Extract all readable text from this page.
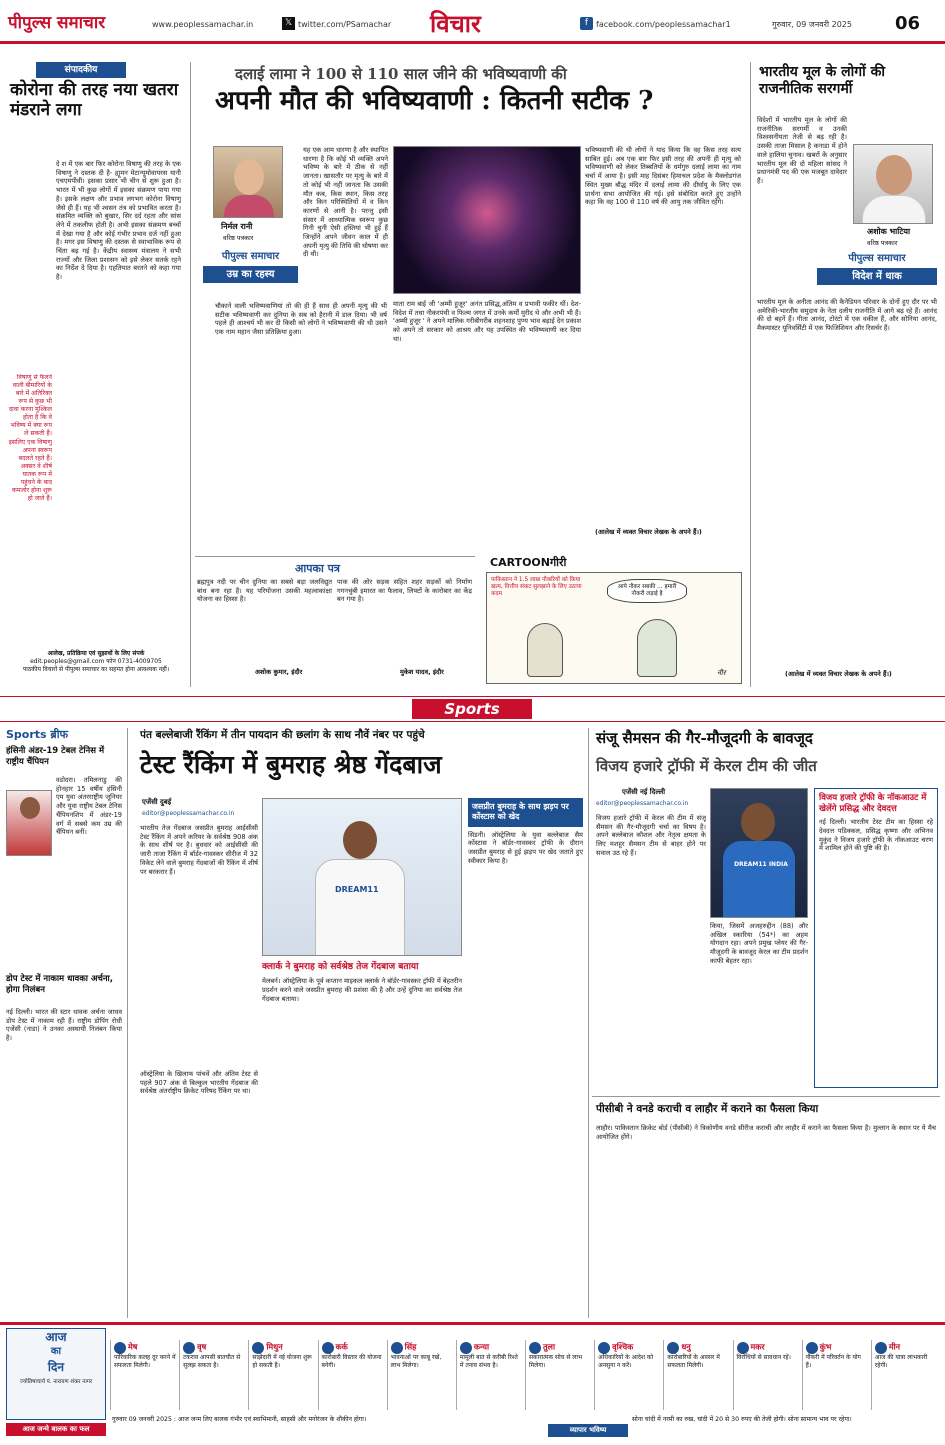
पीपुल्स समाचार	www.peoplessamachar.in	𝕏 twitter.com/PSamachar विचार	f facebook.com/peoplessamachar1	गुरुवार, 09 जनवरी 2025 06
संपादकीय
कोरोना की तरह नया खतरा मंडराने लगा
दे श में एक बार फिर कोरोना विषाणु की तरह के एक विषाणु ने दस्तक दी है- ह्यूमन मेटान्यूमोवायरस यानी एचएमपीवी। इसका प्रसार भी चीन से शुरू हुआ है। भारत में भी कुछ लोगों में इसका संक्रमण पाया गया है। इसके लक्षण और प्रभाव लगभग कोरोना विषाणु जैसे ही हैं। यह भी श्वसन तंत्र को प्रभावित करता है। संक्रमित व्यक्ति को बुखार, सिर दर्द रहता और सांस लेने में तकलीफ होती है। अभी इसका संक्रमण बच्चों में देखा गया है और कोई गंभीर प्रभाव दर्ज नहीं हुआ है। मगर इस विषाणु की दस्तक से स्वाभाविक रूप से चिंता बढ़ गई है। केंद्रीय स्वास्थ्य मंत्रालय ने सभी राज्यों और जिला प्रशासन को इसे लेकर सतर्क रहने का निर्देश दे दिया है। एहतियात बरतने को कहा गया है।
विषाणु से फैलने वाली बीमारियों के बारे में अतिरिक्त रूप से कुछ भी दावा करना मुश्किल होता है कि वे भविष्य में क्या रूप ले सकती हैं। इसलिए एक विषाणु अपना स्वरूप बदलते रहते हैं। अक्सर वे शीर्ष घातक रूप में पहुंचने के बाद कमजोर होना शुरू हो जाते हैं।
आलेख, प्रतिक्रिया एवं सुझावों के लिए संपर्क
edit.peoples@gmail.com फोन 0731-4009705
पाठकीय विचारों से पीपुल्स समाचार का सहमत होना आवश्यक नहीं।
दलाई लामा ने 100 से 110 साल जीने की भविष्यवाणी की
अपनी मौत की भविष्यवाणी : कितनी सटीक ?
निर्मल रानी
वरिष्ठ पत्रकार
पीपुल्स समाचार
उम्र का रहस्य
यह एक आम धारणा है और स्थापित धारणा है कि कोई भी व्यक्ति अपने भविष्य के बारे में ठीक से नहीं जानता। खासतौर पर मृत्यु के बारे में तो कोई भी नहीं जानता कि उसकी मौत कब, किस स्थान, किस तरह और किन परिस्थितियों में व किन कारणों से आनी है। परन्तु इसी संसार में आध्यात्मिक स्वरूप कुछ गिनी चुनी ऐसी हस्तियां भी हुई हैं जिन्होंने अपने जीवन काल में ही अपनी मृत्यु की तिथि की घोषणा कर दी थी।
चौकाने वाली भविष्यवाणियां तो की ही हैं साथ ही अपनी मृत्यु की भी सटीक भविष्यवाणी कर दुनिया के सब को हैरानी में डाल दिया। भी वर्ष पहले ही आश्चर्य भी कर दी किसी को लोगों ने भविष्यवाणी की थी उसने एक नाम महान जैसा प्रतिक्रिया हुआ।
माता राम बाई जी 'अम्मी हुजूर' अनंत प्रसिद्ध,अंतिम व प्रभावी फकीर थीं। देश-विदेश में तथा नीकरपंथी व फिल्म जगत में उनके कर्मों मुरीद थे और अभी भी हैं। 'अम्मी हुजूर ' ने अपने मालिक गरीबीगरीब शहनशाह पुण्य भाव बढ़ाई देन प्रकाश को अपने तो सरकार को आश्रय और यह उपस्थित की भविष्यवाणी कर दिया था।
भविष्यवाणी की थी लोगों ने याद किया कि वह किस तरह सत्य साबित हुई। अब एक बार फिर इसी तरह की अपनी ही मृत्यु को भविष्यवाणी को लेकर तिब्बतियों के धर्मगुरु दलाई लामा का नाम चर्चा में आया है। इसी माह दिसंबर हिमाचल प्रदेश के मैक्लोडगंज स्थित मुख्य बौद्ध मंदिर में दलाई लामा की दीर्घायु के लिए एक प्रार्थना सभा आयोजित की गई। इसे संबोधित करते हुए उन्होंने कहा कि वह 100 से 110 वर्ष की आयु तक जीवित रहेंगे।
(आलेख में व्यक्त विचार लेखक के अपने हैं।)
भारतीय मूल के लोगों की राजनीतिक सरगर्मी
विदेशों में भारतीय मूल के लोगों की राजनीतिक सरगर्मी व उनकी विश्वसनीयता तेजी से बढ़ रही है। उसकी ताजा मिसाल है कनाडा में होने वाले हालिया चुनाव। खबरों के अनुसार भारतीय मूल की दो महिला सांसद ने प्रधानमंत्री पद की एक मजबूत दावेदार हैं।
अशोक भाटिया
वरिष्ठ पत्रकार
पीपुल्स समाचार
विदेश में धाक
भारतीय मूल के अनीता आनंद की कैनेडियन परिवार के दोनों हुए दौर पर भी अमेरिकी-भारतीय समुदाय के नेता दलीय राजनीति में आगे बढ़ रहे हैं। आनंद की दो बहनें हैं। गीता आनंद, टोरंटो में एक वकील हैं, और सोनिया आनंद, मैकमास्टर यूनिवर्सिटी में एक फिजिशियन और रिसर्चर हैं।
(आलेख में व्यक्त विचार लेखक के अपने हैं।)
आपका पत्र
ब्रह्मपुत्र नदी पर चीन दुनिया का सबसे बड़ा जलविद्युत बांध बना रहा है। यह परियोजना उसकी महत्वाकांक्षा योजना का हिस्सा है।
अशोक कुमार, इंदौर
पाक की ओर सड़क सहित शहर सड़कों को निर्माण गगनचुंबी इमारत का फैलाव, लिफ्टों के कारोबार का केंद्र बन गया है।
मुकेश यादव, इंदौर
CARTOONगीरी
पाकिस्तान ने 1.5 लाख नौकरियों को किया खत्म, वित्तीय संकट सुलझाने के लिए उठाया कदम
आये नौकर सबकी ... हमारी नौकरी लड़ाई है
नीर
Sports
Sports ब्रीफ
हंसिनी अंडर-19 टेबल टेनिस में राष्ट्रीय चैंपियन
वडोदरा। तमिलनाडु की होनहार 15 वर्षीय हंसिनी एम युवा अंतरराष्ट्रीय जूनियर और युवा राष्ट्रीय टेबल टेनिस चैंपियनशिप में अंडर-19 वर्ग में सबसे कम उम्र की चैंपियन बनीं।
डोप टेस्ट में नाकाम धावका अर्चना, होगा निलंबन
नई दिल्ली। भारत की स्टार धावक अर्चना जाधव डोप टेस्ट में नाकाम रही हैं। राष्ट्रीय डोपिंग रोधी एजेंसी (नाडा) ने उनका अस्थायी निलंबन किया है।
पंत बल्लेबाजी रैंकिंग में तीन पायदान की छलांग के साथ नौवें नंबर पर पहुंचे
टेस्ट रैंकिंग में बुमराह श्रेष्ठ गेंदबाज
एजेंसी दुबई
editor@peoplessamachar.co.in
भारतीय तेज गेंदबाज जसप्रीत बुमराह आईसीसी टेस्ट रैंकिंग में अपने करियर के सर्वश्रेष्ठ 908 अंक के साथ शीर्ष पर है। बुधवार को आईसीसी की जारी ताजा रैंकिंग में बॉर्डर-गावस्कर सीरीज में 32 विकेट लेने वाले बुमराह गेंदबाजों की रैंकिंग में शीर्ष पर बरकरार हैं।
DREAM11
क्लार्क ने बुमराह को सर्वश्रेष्ठ तेज गेंदबाज बताया
मेलबर्न। ऑस्ट्रेलिया के पूर्व कप्तान माइकल क्लार्क ने बॉर्डर-गावस्कर ट्रॉफी में बेहतरीन प्रदर्शन करने वाले जसप्रीत बुमराह की प्रशंसा की है और उन्हें दुनिया का सर्वश्रेष्ठ तेज गेंदबाज बताया।
ऑस्ट्रेलिया के खिलाफ पांचवें और अंतिम टेस्ट से पहले 907 अंक से बिल्कुल भारतीय गेंदबाज की सर्वश्रेष्ठ अंतर्राष्ट्रीय क्रिकेट परिषद रैंकिंग पर था।
जसप्रीत बुमराह के साथ झड़प पर कोंस्टास को खेद
सिडनी। ऑस्ट्रेलिया के युवा बल्लेबाज सैम कोंस्टास ने बॉर्डर-गावस्कर ट्रॉफी के दौरान जसप्रीत बुमराह से हुई झड़प पर खेद जताते हुए स्वीकार किया है।
संजू सैमसन की गैर-मौजूदगी के बावजूद
विजय हजारे ट्रॉफी में केरल टीम की जीत
एजेंसी नई दिल्ली
editor@peoplessamachar.co.in
विजय हजारे ट्रॉफी में केरल की टीम में संजू सैमसन की गैर-मौजूदगी चर्चा का विषय है। अपने बल्लेबाज कौशल और नेतृत्व क्षमता के लिए मशहूर सैमसन टीम से बाहर होने पर सवाल उठ रहे हैं।
DREAM11 INDIA
किया, जिसमें अजहरुद्दीन (88) और अखिल स्कारिया (54*) का अहम योगदान रहा। अपने प्रमुख प्लेयर की गैर-मौजूदगी के बावजूद केरल का टीम प्रदर्शन काफी बेहतर रहा।
विजय हजारे ट्रॉफी के नॉकआउट में खेलेंगे प्रसिद्ध और देवदत्त
नई दिल्ली। भारतीय टेस्ट टीम का हिस्सा रहे देवदत्त पडिक्कल, प्रसिद्ध कृष्णा और अभिनव मुकुंद ने विजय हजारे ट्रॉफी के नॉकआउट चरण में शामिल होने की पुष्टि की है।
पीसीबी ने वनडे कराची व लाहौर में कराने का फैसला किया
लाहौर। पाकिस्तान क्रिकेट बोर्ड (पीसीबी) ने त्रिकोणीय वनडे सीरीज कराची और लाहौर में कराने का फैसला किया है। मुल्तान के स्थान पर ये मैच आयोजित होंगे।
आज
का
दिन
ज्योतिषाचार्य पं. नारायण शंकर नागर
मेष
पारिवारिक कलह दूर करने में सफलता मिलेगी।
वृष
टकराव आपसी बातचीत से सुलझ सकता है।
मिथुन
साझेदारी में नई योजना शुरू हो सकती है।
कर्क
कारोबारी विस्तार की योजना बनेगी।
सिंह
भावनाओं पर काबू रखें, लाभ मिलेगा।
कन्या
मामूली बात से करीबी रिश्ते में तनाव संभव है।
तुला
सकारात्मक सोच से लाभ मिलेगा।
वृश्चिक
अधिकारियों के आदेश को अनसुना न करें।
धनु
कारोबारियों के अवसर में सफलता मिलेगी।
मकर
विरोधियों से सावधान रहें।
कुंभ
नौकरी में परिवर्तन के योग हैं।
मीन
आज की यात्रा लाभकारी रहेगी।
आज जन्मे बालक का फल
गुरुवार 09 जनवरी 2025 : आज जन्म लिए बालक गंभीर एवं स्वाभिमानी, साहसी और मनोरंजन के शौकीन होगा।
व्यापार भविष्य
सोना चांदी में नरमी का रुख, चांदी में 20 से 30 रुपए की तेजी होगी। सोना सामान्य भाव पर रहेगा।
